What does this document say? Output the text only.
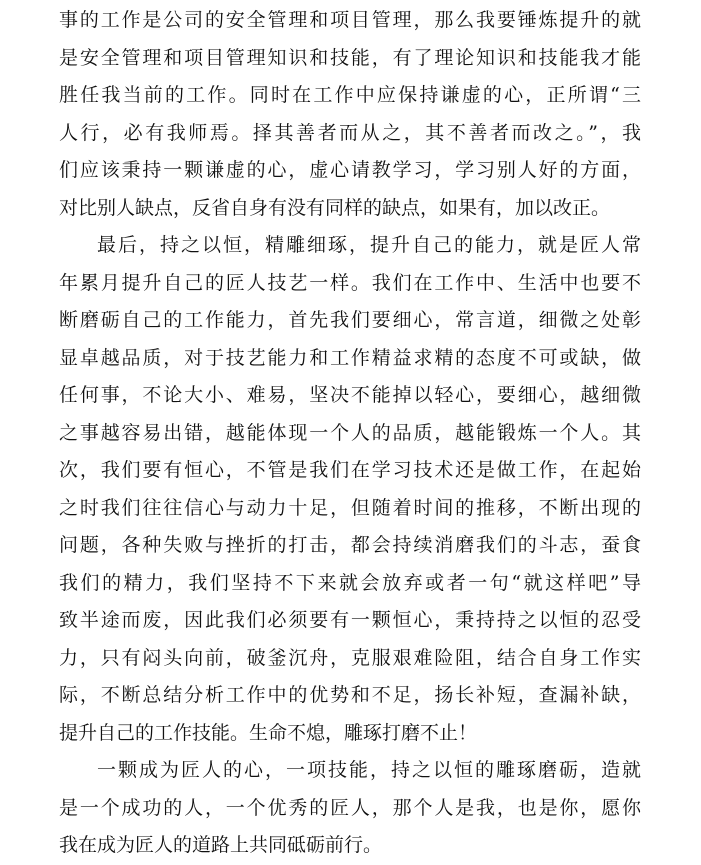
事的工作是公司的安全管理和项目管理，那么我要锤炼提升的就
是安全管理和项目管理知识和技能，有了理论知识和技能我才能
胜任我当前的工作。同时在工作中应保持谦虚的心，正所谓“三
人行，必有我师焉。择其善者而从之，其不善者而改之。”，我
们应该秉持一颗谦虚的心，虚心请教学习，学习别人好的方面，
对比别人缺点，反省自身有没有同样的缺点，如果有，加以改正。
最后，持之以恒，精雕细琢，提升自己的能力，就是匠人常
年累月提升自己的匠人技艺一样。我们在工作中、生活中也要不
断磨砺自己的工作能力，首先我们要细心，常言道，细微之处彰
显卓越品质，对于技艺能力和工作精益求精的态度不可或缺，做
任何事，不论大小、难易，坚决不能掉以轻心，要细心，越细微
之事越容易出错，越能体现一个人的品质，越能锻炼一个人。其
次，我们要有恒心，不管是我们在学习技术还是做工作，在起始
之时我们往往信心与动力十足，但随着时间的推移，不断出现的
问题，各种失败与挫折的打击，都会持续消磨我们的斗志，蚕食
我们的精力，我们坚持不下来就会放弃或者一句“就这样吧”导
致半途而废，因此我们必须要有一颗恒心，秉持持之以恒的忍受
力，只有闷头向前，破釜沉舟，克服艰难险阻，结合自身工作实
际，不断总结分析工作中的优势和不足，扬长补短，查漏补缺，
提升自己的工作技能。生命不熄，雕琢打磨不止！
一颗成为匠人的心，一项技能，持之以恒的雕琢磨砺，造就
是一个成功的人，一个优秀的匠人，那个人是我，也是你，愿你
我在成为匠人的道路上共同砥砺前行。
